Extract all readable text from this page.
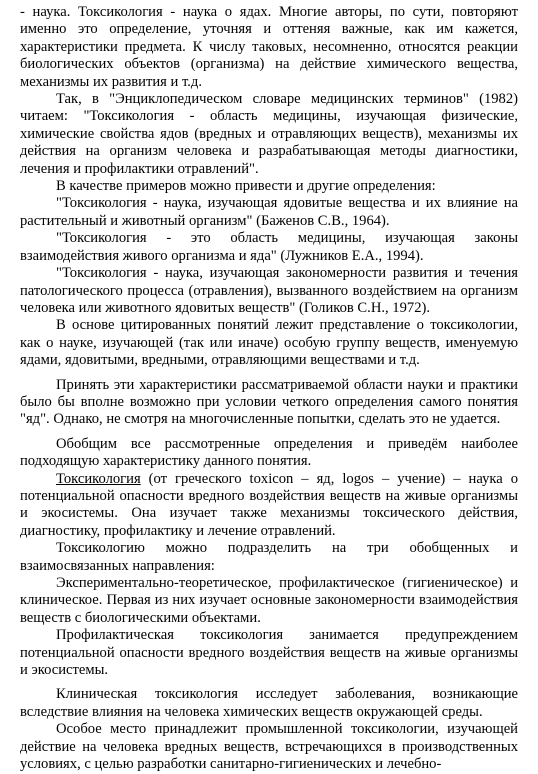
- наука. Токсикология - наука о ядах. Многие авторы, по сути, повторяют именно это определение, уточняя и оттеняя важные, как им кажется, характеристики предмета. К числу таковых, несомненно, относятся реакции биологических объектов (организма) на действие химического вещества, механизмы их развития и т.д.

Так, в "Энциклопедическом словаре медицинских терминов" (1982) читаем: "Токсикология - область медицины, изучающая физические, химические свойства ядов (вредных и отравляющих веществ), механизмы их действия на организм человека и разрабатывающая методы диагностики, лечения и профилактики отравлений".

В качестве примеров можно привести и другие определения:

"Токсикология - наука, изучающая ядовитые вещества и их влияние на растительный и животный организм" (Баженов С.В., 1964).

"Токсикология - это область медицины, изучающая законы взаимодействия живого организма и яда" (Лужников Е.А., 1994).

"Токсикология - наука, изучающая закономерности развития и течения патологического процесса (отравления), вызванного воздействием на организм человека или животного ядовитых веществ" (Голиков С.Н., 1972).

В основе цитированных понятий лежит представление о токсикологии, как о науке, изучающей (так или иначе) особую группу веществ, именуемую ядами, ядовитыми, вредными, отравляющими веществами и т.д.

Принять эти характеристики рассматриваемой области науки и практики было бы вполне возможно при условии четкого определения самого понятия "яд". Однако, не смотря на многочисленные попытки, сделать это не удается.

Обобщим все рассмотренные определения и приведём наиболее подходящую характеристику данного понятия.

Токсикология (от греческого toxicon – яд, logos – учение) – наука о потенциальной опасности вредного воздействия веществ на живые организмы и экосистемы. Она изучает также механизмы токсического действия, диагностику, профилактику и лечение отравлений.

Токсикологию можно подразделить на три обобщенных и взаимосвязанных направления:

Экспериментально-теоретическое, профилактическое (гигиеническое) и клиническое. Первая из них изучает основные закономерности взаимодействия веществ с биологическими объектами.

Профилактическая токсикология занимается предупреждением потенциальной опасности вредного воздействия веществ на живые организмы и экосистемы.

Клиническая токсикология исследует заболевания, возникающие вследствие влияния на человека химических веществ окружающей среды.

Особое место принадлежит промышленной токсикологии, изучающей действие на человека вредных веществ, встречающихся в производственных условиях, с целью разработки санитарно-гигиенических и лечебно-
